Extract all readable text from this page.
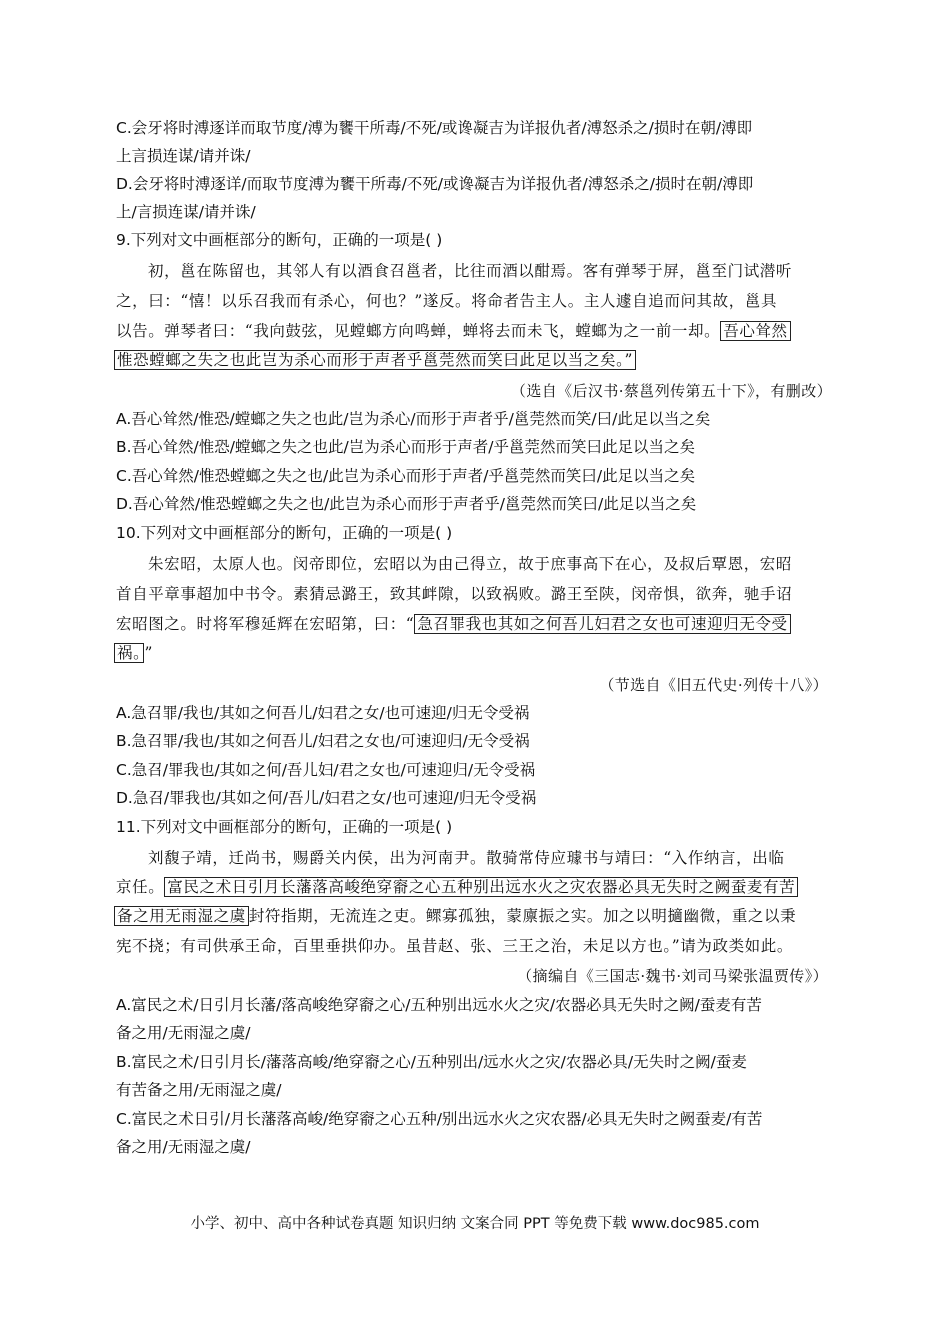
C.会牙将时溥逐详而取节度/溥为饔干所毒/不死/或谗凝吉为详报仇者/溥怒杀之/损时在朝/溥即
上言损连谋/请并诛/
D.会牙将时溥逐详/而取节度溥为饔干所毒/不死/或谗凝吉为详报仇者/溥怒杀之/损时在朝/溥即
上/言损连谋/请并诛/
9.下列对文中画框部分的断句，正确的一项是( )
初，邕在陈留也，其邻人有以酒食召邕者，比往而酒以酣焉。客有弹琴于屏，邕至门试潜听
之，曰：“憘！以乐召我而有杀心，何也？”遂反。将命者告主人。主人遽自追而问其故，邕具
以告。弹琴者曰：“我向鼓弦，见螳螂方向鸣蝉，蝉将去而未飞，螳螂为之一前一却。 吾心耸然
惟恐螳螂之失之也此岂为杀心而形于声者乎邕莞然而笑曰此足以当之矣。”
（选自《后汉书·蔡邕列传第五十下》，有删改）
A.吾心耸然/惟恐/螳螂之失之也此/岂为杀心/而形于声者乎/邕莞然而笑/曰/此足以当之矣
B.吾心耸然/惟恐/螳螂之失之也此/岂为杀心而形于声者/乎邕莞然而笑曰此足以当之矣
C.吾心耸然/惟恐螳螂之失之也/此岂为杀心而形于声者/乎邕莞然而笑曰/此足以当之矣
D.吾心耸然/惟恐螳螂之失之也/此岂为杀心而形于声者乎/邕莞然而笑曰/此足以当之矣
10.下列对文中画框部分的断句，正确的一项是( )
朱宏昭，太原人也。闵帝即位，宏昭以为由己得立，故于庶事高下在心，及叔后覃恩，宏昭
首自平章事超加中书令。素猜忌潞王，致其衅隙，以致祸败。潞王至陕，闵帝惧，欲奔，驰手诏
宏昭图之。时将军穆延辉在宏昭第，曰：“ 急召罪我也其如之何吾儿妇君之女也可速迎归无令受
祸。 ”
（节选自《旧五代史·列传十八》）
A.急召罪/我也/其如之何吾儿/妇君之女/也可速迎/归无令受祸
B.急召罪/我也/其如之何吾儿/妇君之女也/可速迎归/无令受祸
C.急召/罪我也/其如之何/吾儿妇/君之女也/可速迎归/无令受祸
D.急召/罪我也/其如之何/吾儿/妇君之女/也可速迎/归无令受祸
11.下列对文中画框部分的断句，正确的一项是( )
刘馥子靖，迁尚书，赐爵关内侯，出为河南尹。散骑常侍应璩书与靖曰：“入作纳言，出临
京任。 富民之术日引月长藩落高峻绝穿窬之心五种别出远水火之灾农器必具无失时之阙蚕麦有苦
备之用无雨湿之虞 封符指期，无流连之吏。鳏寡孤独，蒙廪振之实。加之以明擿幽微，重之以秉
宪不挠；有司供承王命，百里垂拱仰办。虽昔赵、张、三王之治，未足以方也。”请为政类如此。
（摘编自《三国志·魏书·刘司马梁张温贾传》）
A.富民之术/日引月长藩/落高峻绝穿窬之心/五种别出远水火之灾/农器必具无失时之阙/蚕麦有苦
备之用/无雨湿之虞/
B.富民之术/日引月长/藩落高峻/绝穿窬之心/五种别出/远水火之灾/农器必具/无失时之阙/蚕麦
有苦备之用/无雨湿之虞/
C.富民之术日引/月长藩落高峻/绝穿窬之心五种/别出远水火之灾农器/必具无失时之阙蚕麦/有苦
备之用/无雨湿之虞/
小学、初中、高中各种试卷真题 知识归纳 文案合同 PPT 等免费下载 www.doc985.com
